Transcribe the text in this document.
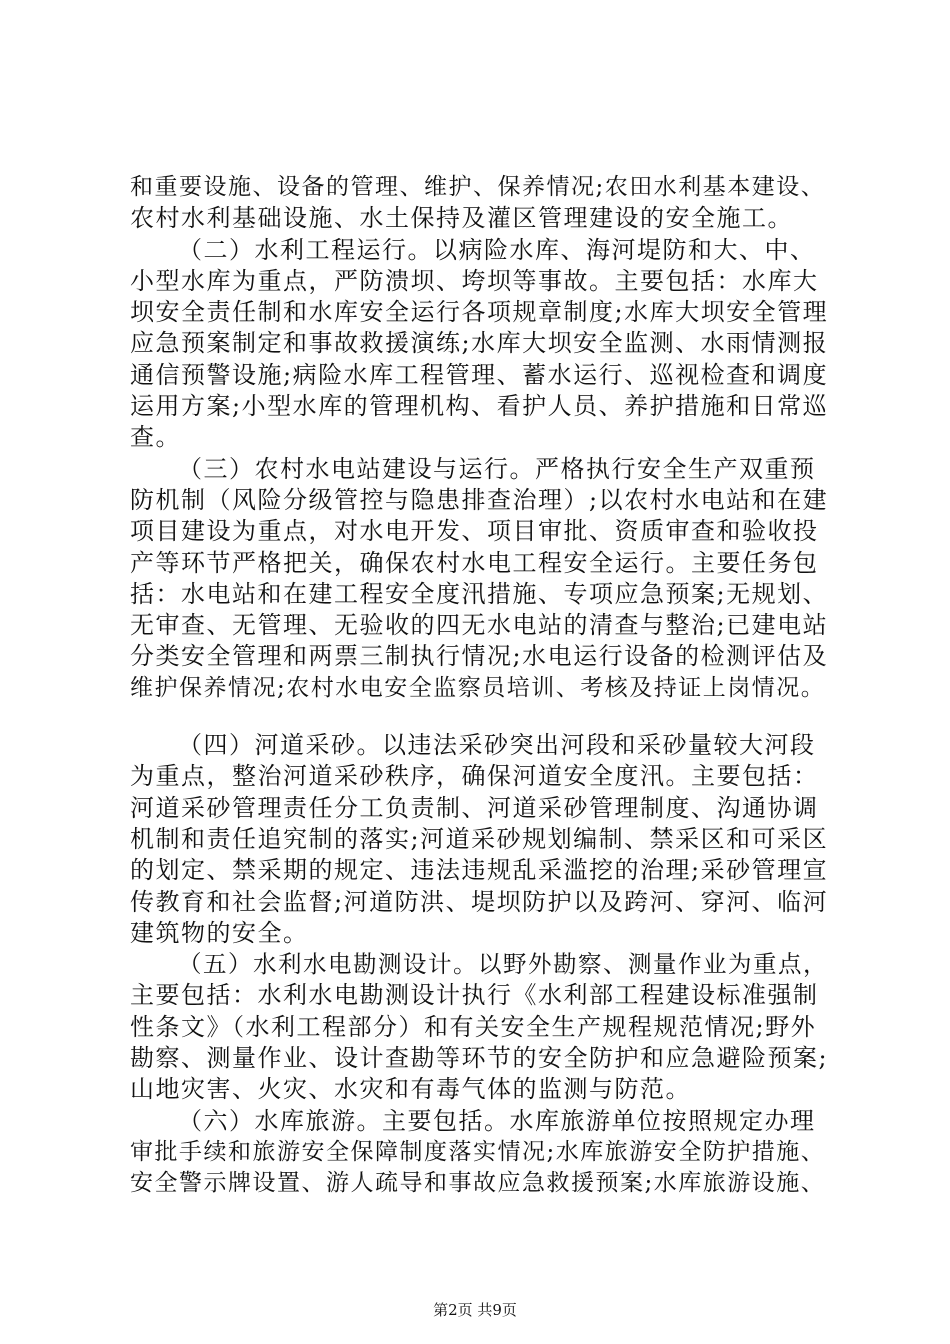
和重要设施、设备的管理、维护、保养情况;农田水利基本建设、
农村水利基础设施、水土保持及灌区管理建设的安全施工。
（二）水利工程运行。以病险水库、海河堤防和大、中、
小型水库为重点，严防溃坝、垮坝等事故。主要包括：水库大
坝安全责任制和水库安全运行各项规章制度;水库大坝安全管理
应急预案制定和事故救援演练;水库大坝安全监测、水雨情测报
通信预警设施;病险水库工程管理、蓄水运行、巡视检查和调度
运用方案;小型水库的管理机构、看护人员、养护措施和日常巡
查。
（三）农村水电站建设与运行。严格执行安全生产双重预
防机制（风险分级管控与隐患排查治理）;以农村水电站和在建
项目建设为重点，对水电开发、项目审批、资质审查和验收投
产等环节严格把关，确保农村水电工程安全运行。主要任务包
括：水电站和在建工程安全度汛措施、专项应急预案;无规划、
无审查、无管理、无验收的四无水电站的清查与整治;已建电站
分类安全管理和两票三制执行情况;水电运行设备的检测评估及
维护保养情况;农村水电安全监察员培训、考核及持证上岗情况。
（四）河道采砂。以违法采砂突出河段和采砂量较大河段
为重点，整治河道采砂秩序，确保河道安全度汛。主要包括：
河道采砂管理责任分工负责制、河道采砂管理制度、沟通协调
机制和责任追究制的落实;河道采砂规划编制、禁采区和可采区
的划定、禁采期的规定、违法违规乱采滥挖的治理;采砂管理宣
传教育和社会监督;河道防洪、堤坝防护以及跨河、穿河、临河
建筑物的安全。
（五）水利水电勘测设计。以野外勘察、测量作业为重点，
主要包括：水利水电勘测设计执行《水利部工程建设标准强制
性条文》（水利工程部分）和有关安全生产规程规范情况;野外
勘察、测量作业、设计查勘等环节的安全防护和应急避险预案;
山地灾害、火灾、水灾和有毒气体的监测与防范。
（六）水库旅游。主要包括。水库旅游单位按照规定办理
审批手续和旅游安全保障制度落实情况;水库旅游安全防护措施、
安全警示牌设置、游人疏导和事故应急救援预案;水库旅游设施、
第2页 共9页
